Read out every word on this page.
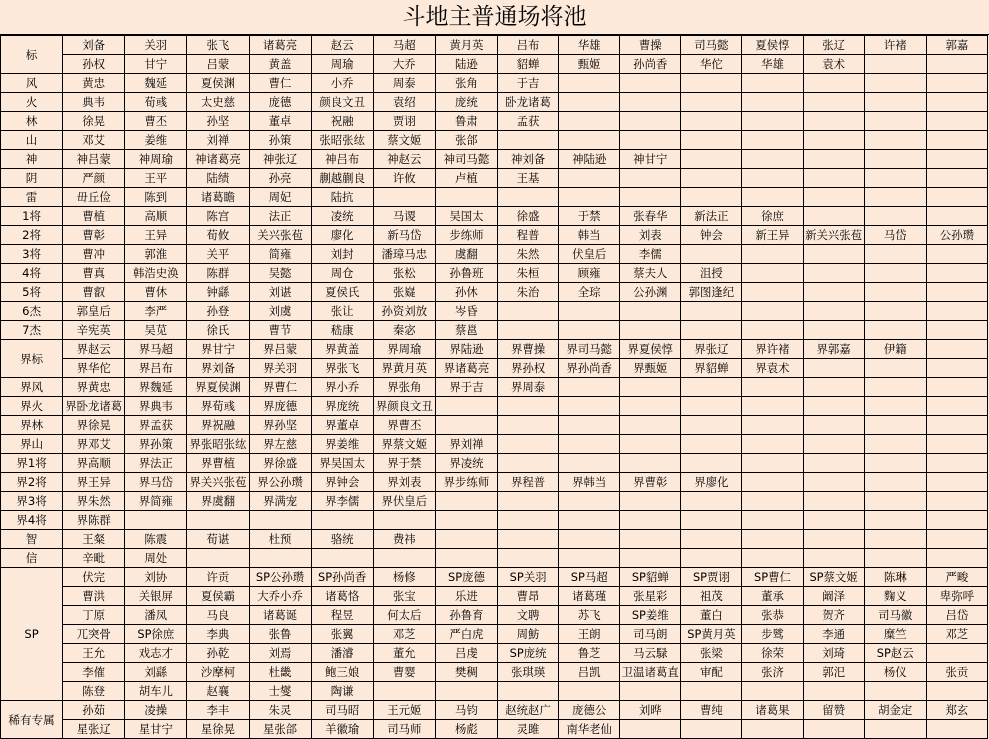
斗地主普通场将池
标	刘备	关羽	张飞	诸葛亮	赵云	马超	黄月英	吕布	华雄	曹操	司马懿	夏侯惇	张辽	许褚	郭嘉
	孙权	甘宁	吕蒙	黄盖	周瑜	大乔	陆逊	貂蝉	甄姬	孙尚香	华佗	华雄	袁术		
风	黄忠	魏延	夏侯渊	曹仁	小乔	周泰	张角	于吉							
火	典韦	荀彧	太史慈	庞德	颜良文丑	袁绍	庞统	卧龙诸葛							
林	徐晃	曹丕	孙坚	董卓	祝融	贾诩	鲁肃	孟获							
山	邓艾	姜维	刘禅	孙策	张昭张纮	蔡文姬	张郃								
神	神吕蒙	神周瑜	神诸葛亮	神张辽	神吕布	神赵云	神司马懿	神刘备	神陆逊	神甘宁					
阴	严颜	王平	陆绩	孙亮	蒯越蒯良	许攸	卢植	王基							
雷	毌丘俭	陈到	诸葛瞻	周妃	陆抗										
1将	曹植	高顺	陈宫	法正	凌统	马谡	吴国太	徐盛	于禁	张春华	新法正	徐庶			
2将	曹彰	王异	荀攸	关兴张苞	廖化	新马岱	步练师	程普	韩当	刘表	钟会	新王异	新关兴张苞	马岱	公孙瓒
3将	曹冲	郭淮	关平	简雍	刘封	潘璋马忠	虞翻	朱然	伏皇后	李儒					
4将	曹真	韩浩史涣	陈群	吴懿	周仓	张松	孙鲁班	朱桓	顾雍	蔡夫人	沮授				
5将	曹叡	曹休	钟繇	刘谌	夏侯氏	张嶷	孙休	朱治	全琮	公孙渊	郭图逢纪				
6杰	郭皇后	李严	孙登	刘虞	张让	孙资刘放	岑昏								
7杰	辛宪英	吴苋	徐氏	曹节	嵇康	秦宓	蔡邕								
界标	界赵云	界马超	界甘宁	界吕蒙	界黄盖	界周瑜	界陆逊	界曹操	界司马懿	界夏侯惇	界张辽	界许褚	界郭嘉	伊籍	
	界华佗	界吕布	界刘备	界关羽	界张飞	界黄月英	界诸葛亮	界孙权	界孙尚香	界甄姬	界貂蝉	界袁术			
界风	界黄忠	界魏延	界夏侯渊	界曹仁	界小乔	界张角	界于吉	界周泰							
界火	界卧龙诸葛	界典韦	界荀彧	界庞德	界庞统	界颜良文丑									
界林	界徐晃	界孟获	界祝融	界孙坚	界董卓	界曹丕									
界山	界邓艾	界孙策	界张昭张纮	界左慈	界姜维	界蔡文姬	界刘禅								
界1将	界高顺	界法正	界曹植	界徐盛	界吴国太	界于禁	界凌统								
界2将	界王异	界马岱	界关兴张苞	界公孙瓒	界钟会	界刘表	界步练师	界程普	界韩当	界曹彰	界廖化				
界3将	界朱然	界简雍	界虞翻	界满宠	界李儒	界伏皇后									
界4将	界陈群														
智	王粲	陈震	荀谌	杜预	骆统	费祎									
信	辛毗	周处													
SP	伏完	刘协	许贡	SP公孙瓒	SP孙尚香	杨修	SP庞德	SP关羽	SP马超	SP貂蝉	SP贾诩	SP曹仁	SP蔡文姬	陈琳	严畯
	曹洪	关银屏	夏侯霸	大乔小乔	诸葛恪	张宝	乐进	曹昂	诸葛瑾	张星彩	祖茂	董承	阚泽	麴义	卑弥呼
	丁原	潘凤	马良	诸葛诞	程昱	何太后	孙鲁育	文聘	苏飞	SP姜维	董白	张恭	贺齐	司马徽	吕岱
	兀突骨	SP徐庶	李典	张鲁	张翼	邓芝	严白虎	周魴	王朗	司马朗	SP黄月英	步骘	李通	糜竺	邓芝
	王允	戏志才	孙乾	刘焉	潘濬	董允	吕虔	SP庞统	鲁芝	马云騄	张梁	徐荣	刘琦	SP赵云	
	李傕	刘繇	沙摩柯	杜畿	鲍三娘	曹婴	樊稠	张琪瑛	吕凯	卫温诸葛直	审配	张济	郭汜	杨仪	张贡
	陈登	胡车儿	赵襄	士燮	陶谦										
稀有专属	孙茹	凌操	李丰	朱灵	司马昭	王元姬	马钧	赵统赵广	庞德公	刘晔	曹纯	诸葛果	留赞	胡金定	郑玄
	星张辽	星甘宁	星徐晃	星张郃	羊徽瑜	司马师	杨彪	灵雎	南华老仙						
